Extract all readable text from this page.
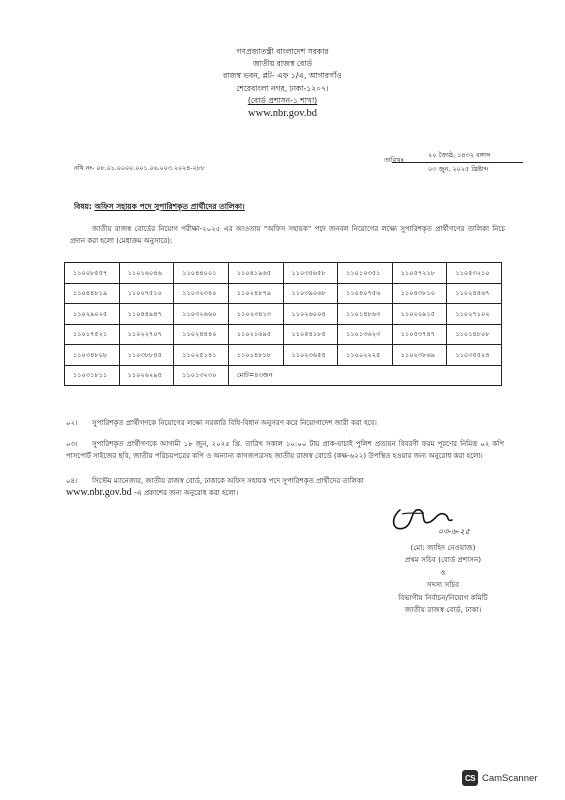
গণপ্রজাতন্ত্রী বাংলাদেশ সরকার
জাতীয় রাজস্ব বোর্ড
রাজস্ব ভবন, প্লট- এফ ১/এ, আগারগাঁও
শেরেবাংলা নগর, ঢাকা-১২০৭।
(বোর্ড প্রশাসন-১ শাখা)
www.nbr.gov.bd
নথি নং- ০৮.০১.০০০০.০০১.০৬.০০৩.২০২৪-২৮৮
তারিখঃ
২০ জ্যৈষ্ঠ, ১৪৩২ বঙ্গাব্দ
০৩ জুন, ২০২৫ খ্রিষ্টাব্দ
বিষয়: অফিস সহায়ক পদে সুপারিশকৃত প্রার্থীদের তালিকা।
জাতীয় রাজস্ব বোর্ডের নিয়োগ পরীক্ষা-২০২৫ এর আওতায় “অফিস সহায়ক” পদে জনবল নিয়োগের লক্ষ্যে সুপারিশকৃত প্রার্থীগণের তালিকা নিচে প্রদান করা হলো (মেধাক্রম অনুসারে):
১১০০৮৫৫৭	১১০১৬০৪৬	১১০৪৪০০১	১১০৪১৯৬৫	১১০৩৫৬৫৮	১১০১০৩৫১	১১০৫৭২১৮	১১০৫৩২১০
১১০৪৪৮১৯	১১০০৭৫১০	১১০৩২৩৪০	১১০২৪৮৭৯	১১০৩৯০৬৮	১১০৪০৭৫৬	১১০৪৩৮১০	১১০২৪৪৬৭
১১০২৯০২৫	১১০৪৪৯৪৭	১১০৩২৬৬০	১১০২৩৪১৩	১১০২৬০০৪	১১০১৪৮৬৩	১১০২০৯১৫	১১০২৭১০২
১১০১৭৫২১	১১০২২৭০৭	১১০২৪৪৪০	১১০২১৬৯৫	১১০৫৪১৮৫	১১০১৩৬২৩	১১০৫৩৭৪৭	১১০১৪৮০৮
১১০৩৪৮০৮	১১০৩৮৮৪৫	১১০২৫১৪১	১১০১৪৮১৮	১১০২৩৬৫৫	১১০০২২২৫	১১০২৩৮৬৯	১১০৩৫৫২৪
১১০৩১৮১১	১১০২৬২৯৫	১১০১৩২৩০	মোট=৪৩জন				
০২। সুপারিশকৃত প্রার্থীগণকে নিয়োগের লক্ষ্যে সরকারি বিধি-বিধান অনুসরণ করে নিয়োগাদেশ জারী করা হবে।
০৩। সুপারিশকৃত প্রার্থীগণকে আগামী ১৮ জুন, ২০২৫ খ্রি. তারিখ সকাল ১০:০০ টায় প্রাক-যাচাই পুলিশ প্রত্যয়ন বিবরণী ফরম পূরণের নিমিত্ত ০২ কপি পাসপোর্ট সাইজের ছবি, জাতীয় পরিচয়পত্রের কপি ও অন্যান্য কাগজপত্রসহ জাতীয় রাজস্ব বোর্ডে (কক্ষ-৬২২) উপস্থিত হওয়ার জন্য অনুরোধ করা হলো।
০৪। সিস্টেম ম্যানেজার, জাতীয় রাজস্ব বোর্ড, ঢাকাকে অফিস সহায়ক পদে সুপারিশকৃত প্রার্থীদের তালিকা
www.nbr.gov.bd -এ প্রকাশের জন্য অনুরোধ করা হলো।
০৩-৬-২৫
(মো: জাহিদ নেওয়াজ)
প্রথম সচিব (বোর্ড প্রশাসন)
ও
সদস্য সচিব
বিভাগীয় নির্বাচন/নিয়োগ কমিটি
জাতীয় রাজস্ব বোর্ড, ঢাকা।
CS CamScanner
